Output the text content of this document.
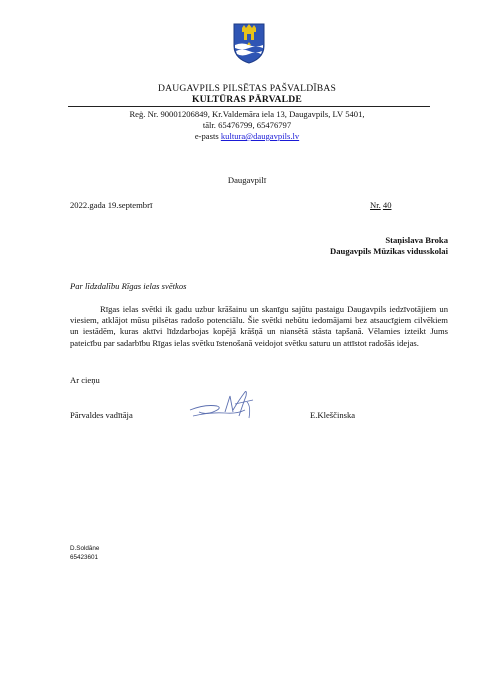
DAUGAVPILS PILSĒTAS PAŠVALDĪBAS
KULTŪRAS PĀRVALDE
Reģ. Nr. 90001206849, Kr.Valdemāra iela 13, Daugavpils, LV 5401,
tālr. 65476799, 65476797
e-pasts kultura@daugavpils.lv
Daugavpilī
2022.gada 19.septembrī	Nr. 40
Staņislava Broka
Daugavpils Mūzikas vidusskolai
Par līdzdalību Rīgas ielas svētkos
Rīgas ielas svētki ik gadu uzbur krāšainu un skanīgu sajūtu pastaigu Daugavpils iedzīvotājiem un viesiem, atklājot mūsu pilsētas radošo potenciālu. Šie svētki nebūtu iedomājami bez atsaucīgiem cilvēkiem un iestādēm, kuras aktīvi līdzdarbojas kopējā krāšņā un niansētā stāsta tapšanā. Vēlamies izteikt Jums pateicību par sadarbību Rīgas ielas svētku īstenošanā veidojot svētku saturu un attīstot radošās idejas.
Ar cieņu
Pārvaldes vadītāja	E.Kleščinska
D.Soldāne
65423601
